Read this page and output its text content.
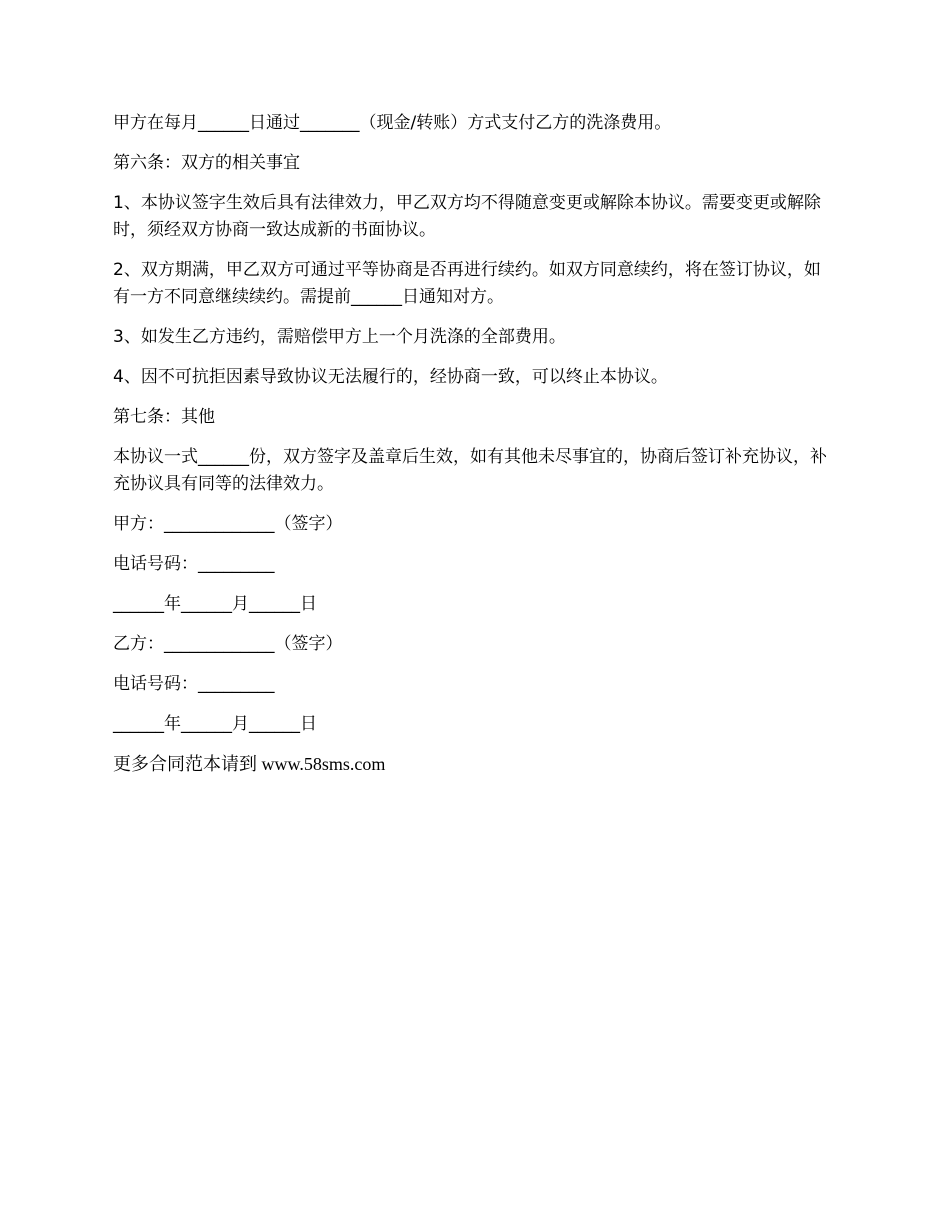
甲方在每月______日通过_______（现金/转账）方式支付乙方的洗涤费用。

第六条：双方的相关事宜

1、本协议签字生效后具有法律效力，甲乙双方均不得随意变更或解除本协议。需要变更或解除时，须经双方协商一致达成新的书面协议。

2、双方期满，甲乙双方可通过平等协商是否再进行续约。如双方同意续约，将在签订协议，如有一方不同意继续续约。需提前______日通知对方。

3、如发生乙方违约，需赔偿甲方上一个月洗涤的全部费用。

4、因不可抗拒因素导致协议无法履行的，经协商一致，可以终止本协议。

第七条：其他

本协议一式______份，双方签字及盖章后生效，如有其他未尽事宜的，协商后签订补充协议，补充协议具有同等的法律效力。

甲方：_____________（签字）

电话号码：_________

______年______月______日

乙方：_____________（签字）

电话号码：_________

______年______月______日

更多合同范本请到 www.58sms.com
